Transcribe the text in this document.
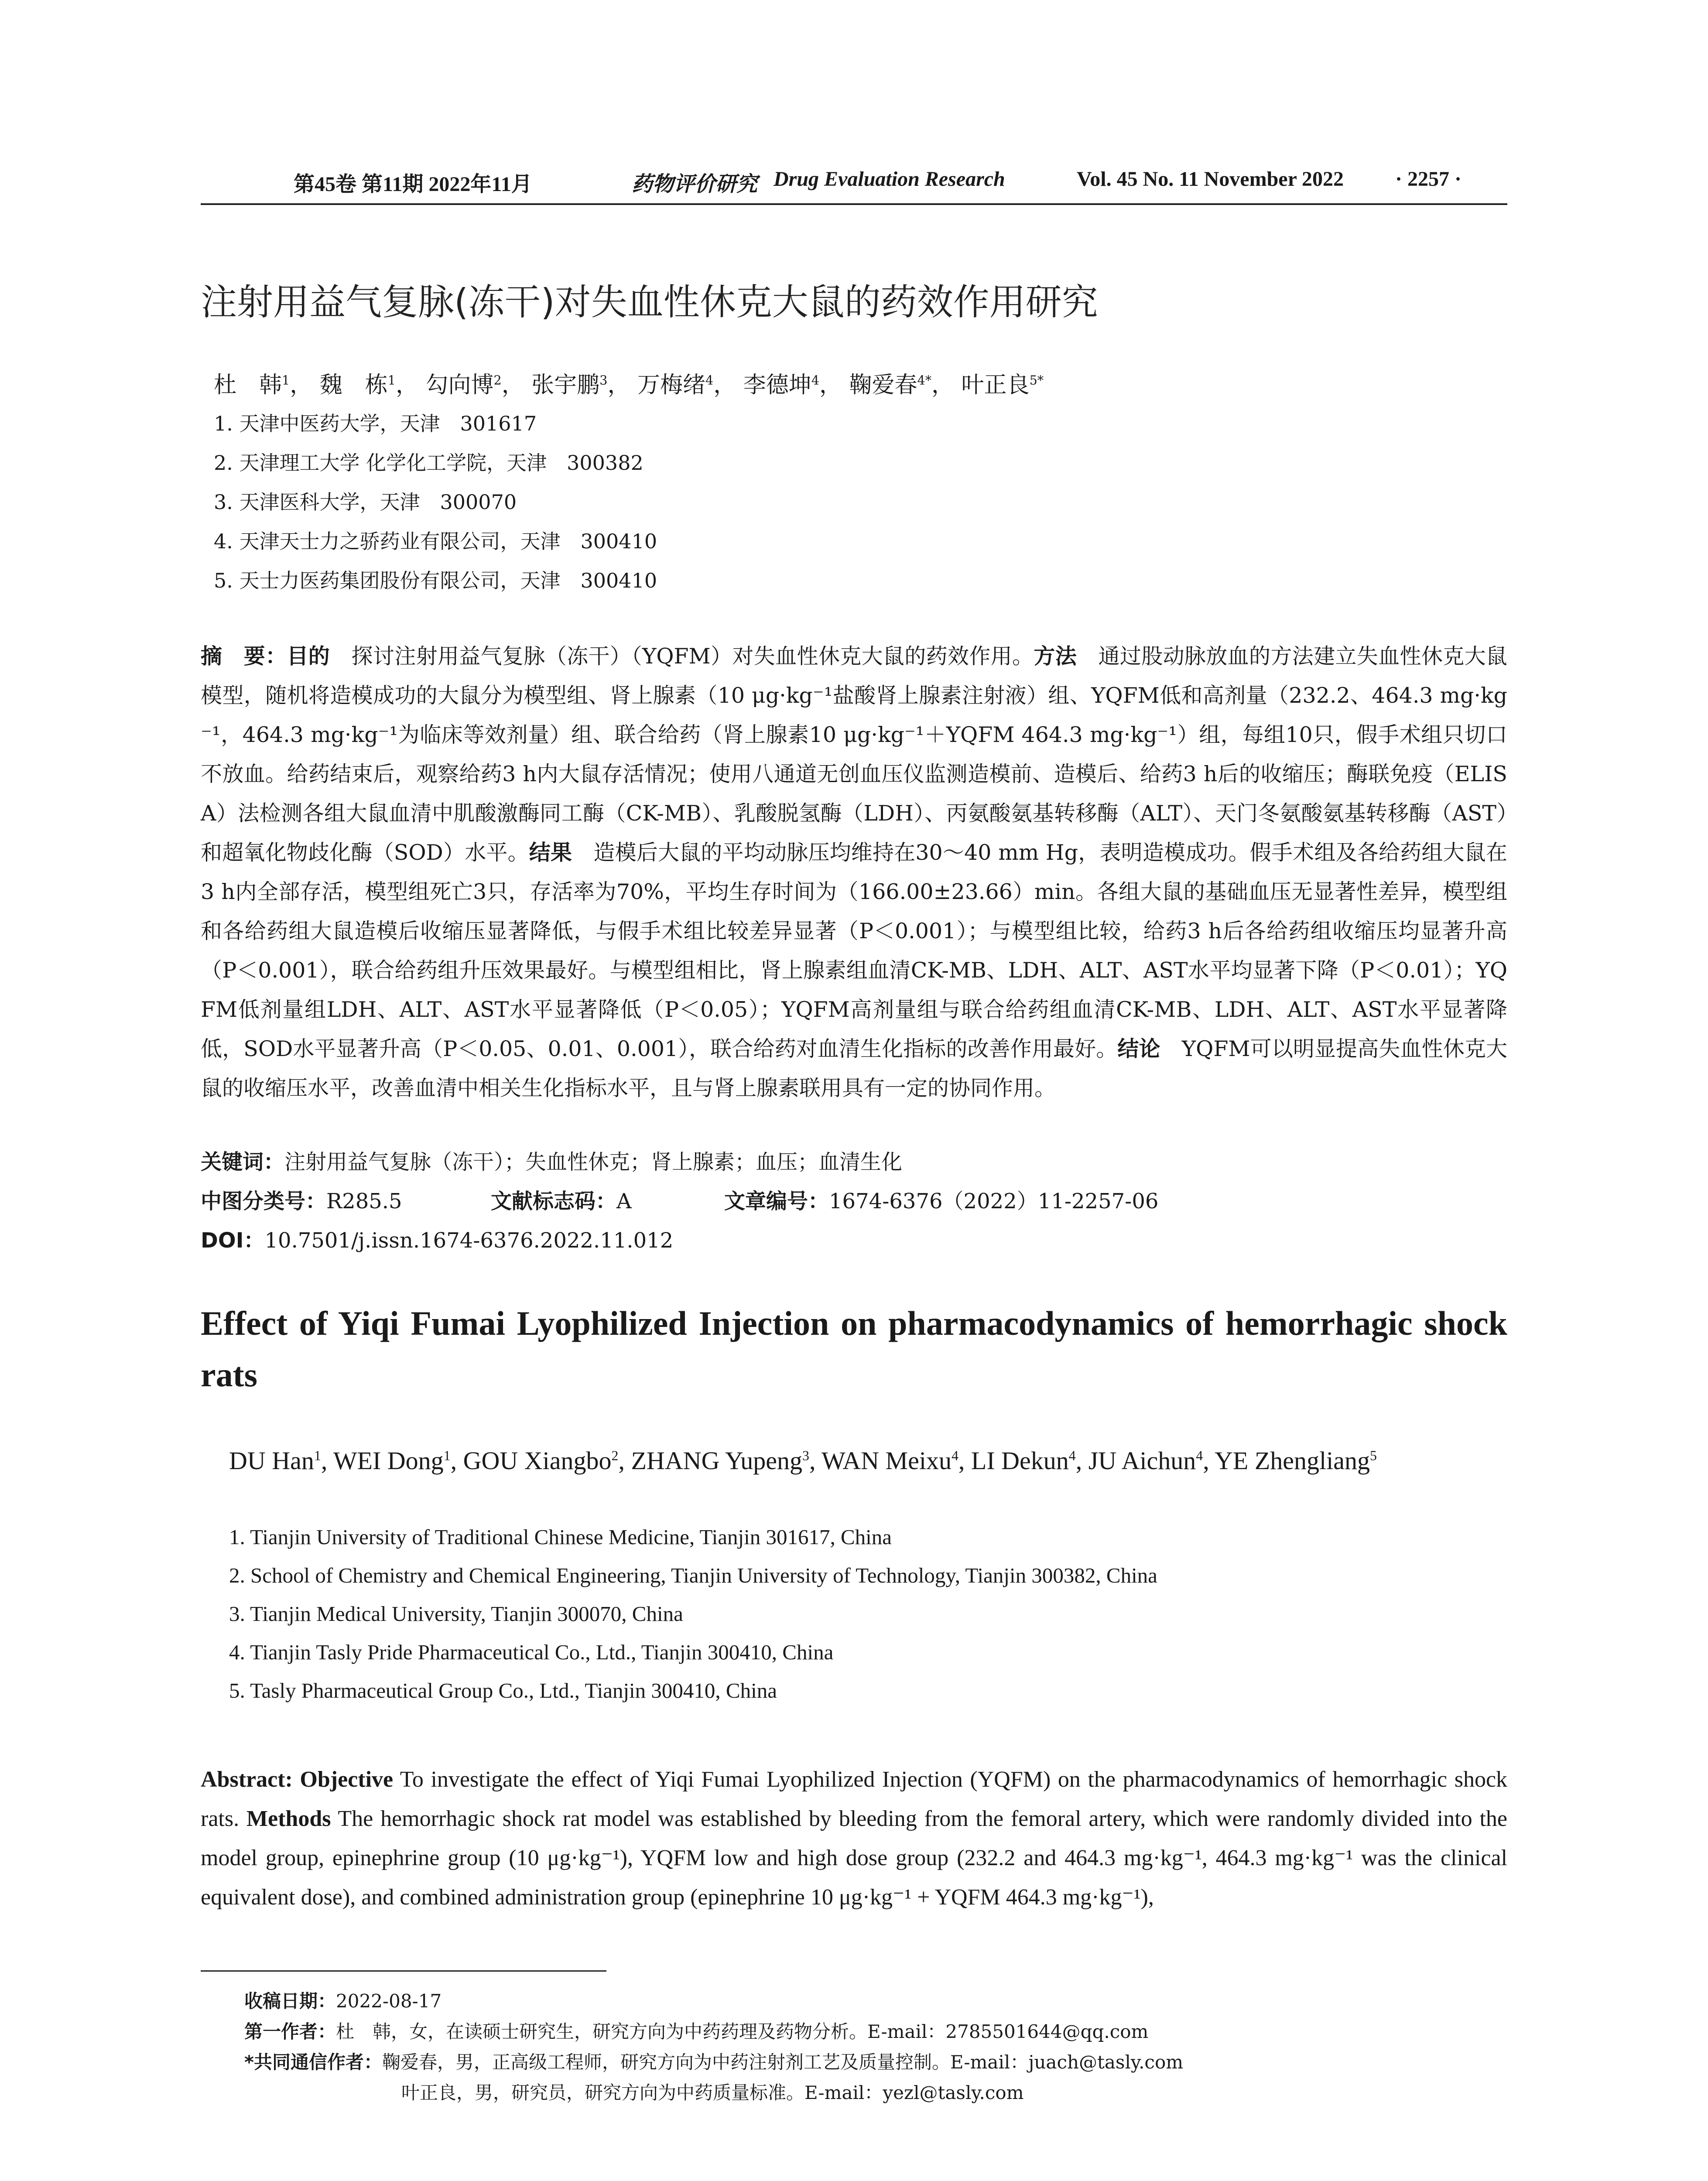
第45卷 第11期 2022年11月	药物评价研究 Drug Evaluation Research	Vol. 45 No. 11 November 2022 · 2257 ·
注射用益气复脉(冻干)对失血性休克大鼠的药效作用研究
杜　韩$^1$， 魏　栋$^1$， 勾向博$^2$， 张宇鹏$^3$， 万梅绪$^4$， 李德坤$^4$， 鞠爱春$^{4*}$， 叶正良$^{5*}$
1. 天津中医药大学，天津　301617
2. 天津理工大学 化学化工学院，天津　300382
3. 天津医科大学，天津　300070
4. 天津天士力之骄药业有限公司，天津　300410
5. 天士力医药集团股份有限公司，天津　300410
摘　要：目的　 探讨注射用益气复脉（冻干）（YQFM）对失血性休克大鼠的药效作用。方法　 通过股动脉放血的方法建立失血性休克大鼠模型，随机将造模成功的大鼠分为模型组、肾上腺素（10 μg·kg⁻¹盐酸肾上腺素注射液）组、YQFM低和高剂量（232.2、464.3 mg·kg⁻¹，464.3 mg·kg⁻¹为临床等效剂量）组、联合给药（肾上腺素10 μg·kg⁻¹＋YQFM 464.3 mg·kg⁻¹）组，每组10只，假手术组只切口不放血。给药结束后，观察给药3 h内大鼠存活情况；使用八通道无创血压仪监测造模前、造模后、给药3 h后的收缩压；酶联免疫（ELISA）法检测各组大鼠血清中肌酸激酶同工酶（CK-MB）、乳酸脱氢酶（LDH）、丙氨酸氨基转移酶（ALT）、天门冬氨酸氨基转移酶（AST）和超氧化物歧化酶（SOD）水平。结果　 造模后大鼠的平均动脉压均维持在30～40 mm Hg，表明造模成功。假手术组及各给药组大鼠在3 h内全部存活，模型组死亡3只，存活率为70%，平均生存时间为（166.00±23.66）min。各组大鼠的基础血压无显著性差异，模型组和各给药组大鼠造模后收缩压显著降低，与假手术组比较差异显著（P＜0.001）；与模型组比较，给药3 h后各给药组收缩压均显著升高（P＜0.001），联合给药组升压效果最好。与模型组相比，肾上腺素组血清CK-MB、LDH、ALT、AST水平均显著下降（P＜0.01）；YQFM低剂量组LDH、ALT、AST水平显著降低（P＜0.05）；YQFM高剂量组与联合给药组血清CK-MB、LDH、ALT、AST水平显著降低，SOD水平显著升高（P＜0.05、0.01、0.001），联合给药对血清生化指标的改善作用最好。结论　 YQFM可以明显提高失血性休克大鼠的收缩压水平，改善血清中相关生化指标水平，且与肾上腺素联用具有一定的协同作用。
关键词：注射用益气复脉（冻干）；失血性休克；肾上腺素；血压；血清生化
中图分类号：R285.5	文献标志码：A	文章编号：1674-6376（2022）11-2257-06
DOI：10.7501/j.issn.1674-6376.2022.11.012
Effect of Yiqi Fumai Lyophilized Injection on pharmacodynamics of hemorrhagic shock rats
DU Han$^1$, WEI Dong$^1$, GOU Xiangbo$^2$, ZHANG Yupeng$^3$, WAN Meixu$^4$, LI Dekun$^4$, JU Aichun$^4$, YE Zhengliang$^5$
1. Tianjin University of Traditional Chinese Medicine, Tianjin 301617, China
2. School of Chemistry and Chemical Engineering, Tianjin University of Technology, Tianjin 300382, China
3. Tianjin Medical University, Tianjin 300070, China
4. Tianjin Tasly Pride Pharmaceutical Co., Ltd., Tianjin 300410, China
5. Tasly Pharmaceutical Group Co., Ltd., Tianjin 300410, China
Abstract: Objective To investigate the effect of Yiqi Fumai Lyophilized Injection (YQFM) on the pharmacodynamics of hemorrhagic shock rats. Methods The hemorrhagic shock rat model was established by bleeding from the femoral artery, which were randomly divided into the model group, epinephrine group (10 μg·kg⁻¹), YQFM low and high dose group (232.2 and 464.3 mg·kg⁻¹, 464.3 mg·kg⁻¹ was the clinical equivalent dose), and combined administration group (epinephrine 10 μg·kg⁻¹ + YQFM 464.3 mg·kg⁻¹),
收稿日期：2022-08-17
第一作者：杜　韩，女，在读硕士研究生，研究方向为中药药理及药物分析。E-mail：2785501644@qq.com
*共同通信作者：鞠爱春，男，正高级工程师，研究方向为中药注射剂工艺及质量控制。E-mail：juach@tasly.com
叶正良，男，研究员，研究方向为中药质量标准。E-mail：yezl@tasly.com
